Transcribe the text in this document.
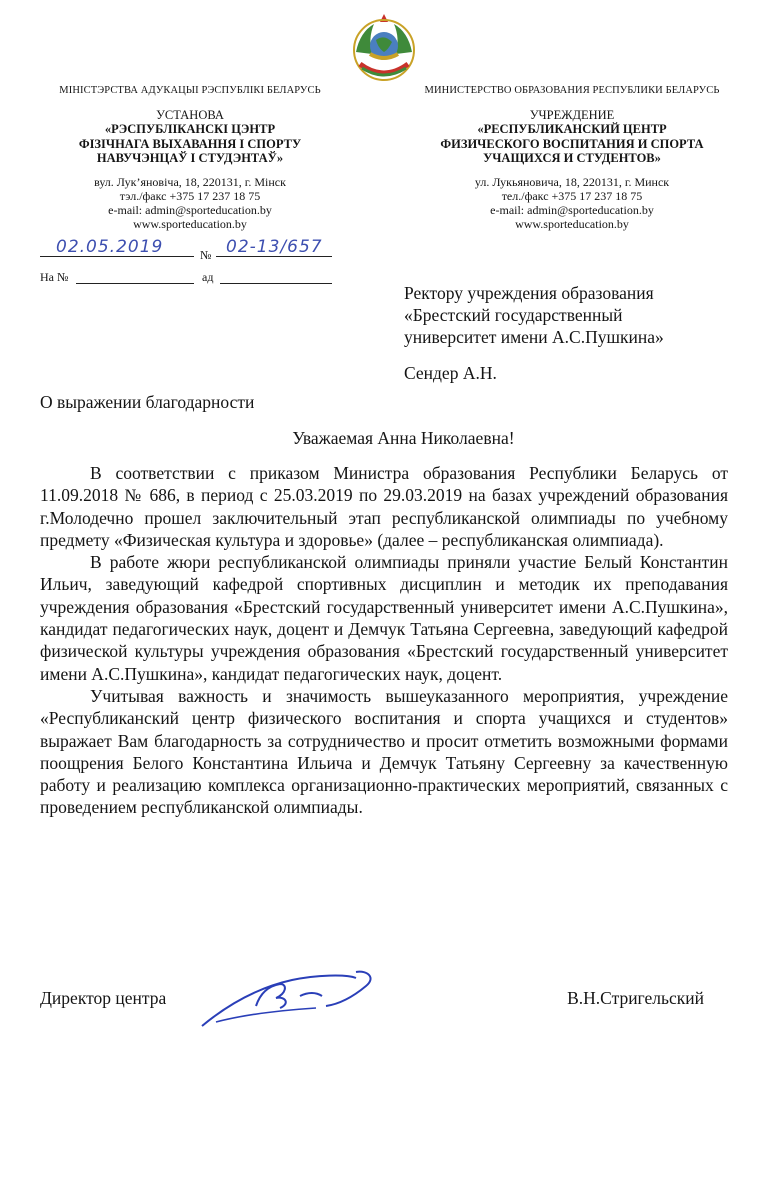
МІНІСТЭРСТВА АДУКАЦЫІ РЭСПУБЛІКІ БЕЛАРУСЬ
УСТАНОВА
«РЭСПУБЛІКАНСКІ ЦЭНТР
ФІЗІЧНАГА ВЫХАВАННЯ І СПОРТУ
НАВУЧЭНЦАЎ І СТУДЭНТАЎ»
вул. Лук’яновіча, 18, 220131, г. Мінск
тэл./факс +375 17 237 18 75
e-mail: admin@sporteducation.by
www.sporteducation.by
МИНИСТЕРСТВО ОБРАЗОВАНИЯ РЕСПУБЛИКИ БЕЛАРУСЬ
УЧРЕЖДЕНИЕ
«РЕСПУБЛИКАНСКИЙ ЦЕНТР
ФИЗИЧЕСКОГО ВОСПИТАНИЯ И СПОРТА
УЧАЩИХСЯ И СТУДЕНТОВ»
ул. Лукьяновича, 18, 220131, г. Минск
тел./факс +375 17 237 18 75
e-mail: admin@sporteducation.by
www.sporteducation.by
02.05.2019	№ 02-13/657
На №	ад
Ректору учреждения образования
«Брестский государственный
университет имени А.С.Пушкина»
Сендер А.Н.
О выражении благодарности
Уважаемая Анна Николаевна!

В соответствии с приказом Министра образования Республики Беларусь от 11.09.2018 № 686, в период с 25.03.2019 по 29.03.2019 на базах учреждений образования г.Молодечно прошел заключительный этап республиканской олимпиады по учебному предмету «Физическая культура и здоровье» (далее – республиканская олимпиада).

В работе жюри республиканской олимпиады приняли участие Белый Константин Ильич, заведующий кафедрой спортивных дисциплин и методик их преподавания учреждения образования «Брестский государственный университет имени А.С.Пушкина», кандидат педагогических наук, доцент и Демчук Татьяна Сергеевна, заведующий кафедрой физической культуры учреждения образования «Брестский государственный университет имени А.С.Пушкина», кандидат педагогических наук, доцент.

Учитывая важность и значимость вышеуказанного мероприятия, учреждение «Республиканский центр физического воспитания и спорта учащихся и студентов» выражает Вам благодарность за сотрудничество и просит отметить возможными формами поощрения Белого Константина Ильича и Демчук Татьяну Сергеевну за качественную работу и реализацию комплекса организационно-практических мероприятий, связанных с проведением республиканской олимпиады.

Директор центра	В.Н.Стригельский
